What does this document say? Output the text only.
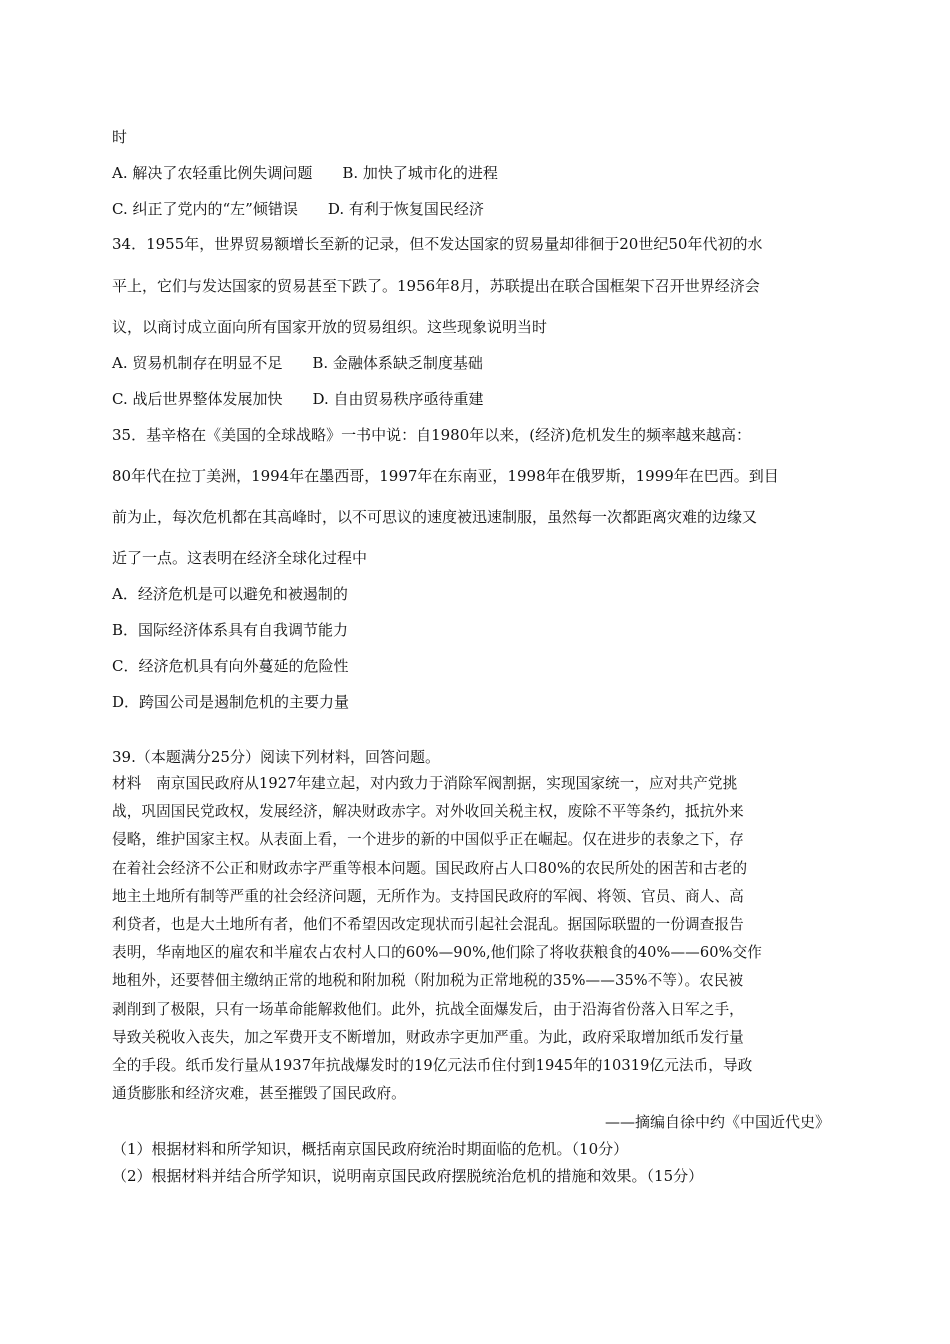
时
A. 解决了农轻重比例失调问题 B. 加快了城市化的进程
C. 纠正了党内的“左”倾错误 D. 有利于恢复国民经济
34．1955年，世界贸易额增长至新的记录，但不发达国家的贸易量却徘徊于20世纪50年代初的水
平上，它们与发达国家的贸易甚至下跌了。1956年8月，苏联提出在联合国框架下召开世界经济会
议，以商讨成立面向所有国家开放的贸易组织。这些现象说明当时
A. 贸易机制存在明显不足 B. 金融体系缺乏制度基础
C. 战后世界整体发展加快 D. 自由贸易秩序亟待重建
35．基辛格在《美国的全球战略》一书中说：自1980年以来，(经济)危机发生的频率越来越高：
80年代在拉丁美洲，1994年在墨西哥，1997年在东南亚，1998年在俄罗斯，1999年在巴西。到目
前为止，每次危机都在其高峰时，以不可思议的速度被迅速制服，虽然每一次都距离灾难的边缘又
近了一点。这表明在经济全球化过程中
A．经济危机是可以避免和被遏制的
B．国际经济体系具有自我调节能力
C．经济危机具有向外蔓延的危险性
D．跨国公司是遏制危机的主要力量
39.（本题满分25分）阅读下列材料，回答问题。
材料　南京国民政府从1927年建立起，对内致力于消除军阀割据，实现国家统一，应对共产党挑
战，巩固国民党政权，发展经济，解决财政赤字。对外收回关税主权，废除不平等条约，抵抗外来
侵略，维护国家主权。从表面上看，一个进步的新的中国似乎正在崛起。仅在进步的表象之下，存
在着社会经济不公正和财政赤字严重等根本问题。国民政府占人口80%的农民所处的困苦和古老的
地主土地所有制等严重的社会经济问题，无所作为。支持国民政府的军阀、将领、官员、商人、高
利贷者，也是大土地所有者，他们不希望因改定现状而引起社会混乱。据国际联盟的一份调查报告
表明，华南地区的雇农和半雇农占农村人口的60%—90%,他们除了将收获粮食的40%——60%交作
地租外，还要替佃主缴纳正常的地税和附加税（附加税为正常地税的35%——35%不等）。农民被
剥削到了极限，只有一场革命能解救他们。此外，抗战全面爆发后，由于沿海省份落入日军之手，
导致关税收入丧失，加之军费开支不断增加，财政赤字更加严重。为此，政府采取增加纸币发行量
全的手段。纸币发行量从1937年抗战爆发时的19亿元法币住付到1945年的10319亿元法币，导政
通货膨胀和经济灾难，甚至摧毁了国民政府。
——摘编自徐中约《中国近代史》
（1）根据材料和所学知识，概括南京国民政府统治时期面临的危机。（10分）
（2）根据材料并结合所学知识，说明南京国民政府摆脱统治危机的措施和效果。（15分）
